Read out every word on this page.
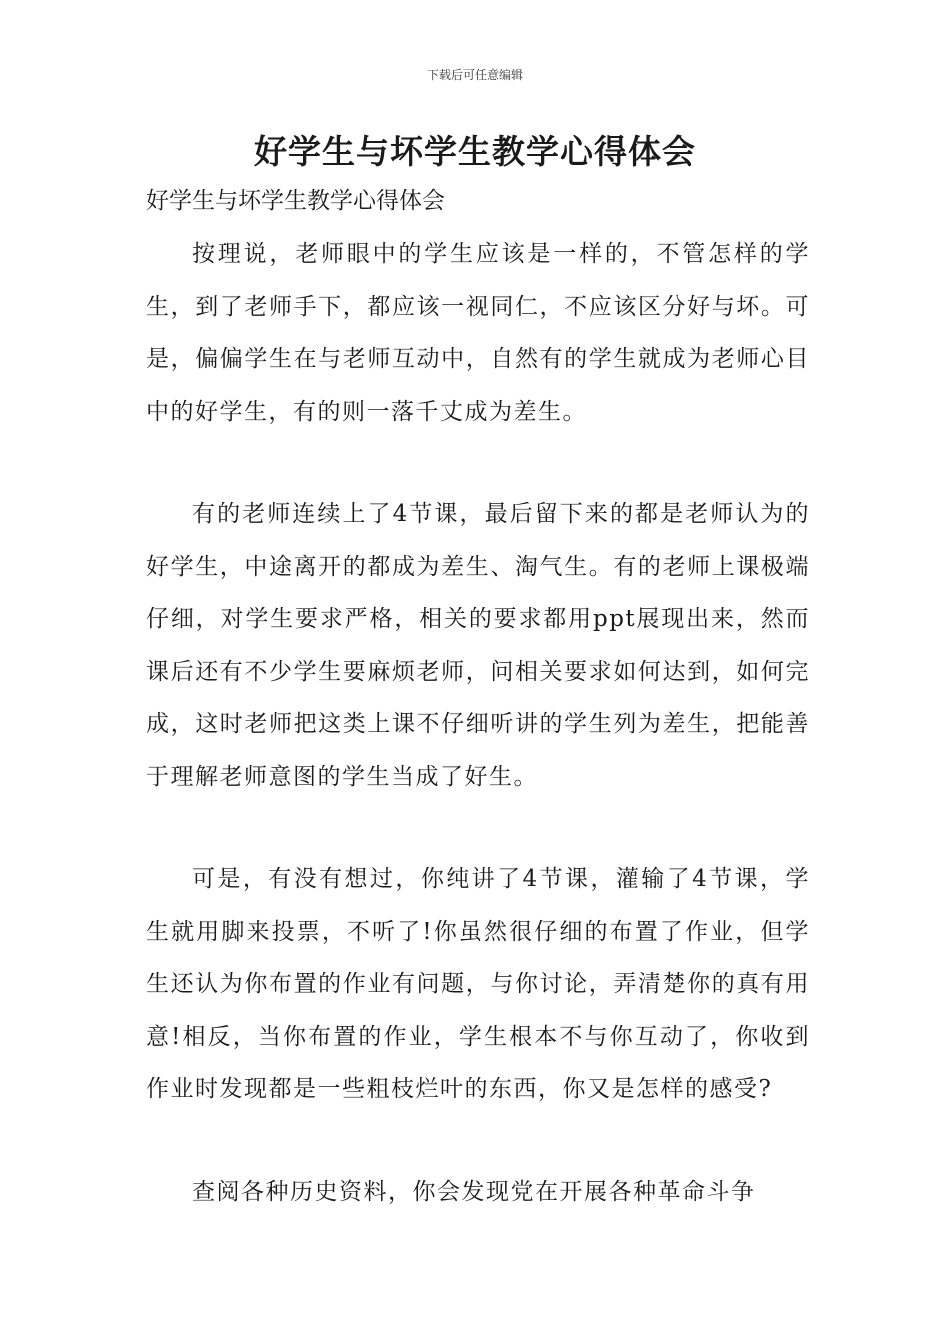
下载后可任意编辑
好学生与坏学生教学心得体会
好学生与坏学生教学心得体会

按理说，老师眼中的学生应该是一样的，不管怎样的学生，到了老师手下，都应该一视同仁，不应该区分好与坏。可是，偏偏学生在与老师互动中，自然有的学生就成为老师心目中的好学生，有的则一落千丈成为差生。

有的老师连续上了4节课，最后留下来的都是老师认为的好学生，中途离开的都成为差生、淘气生。有的老师上课极端仔细，对学生要求严格，相关的要求都用ppt展现出来，然而课后还有不少学生要麻烦老师，问相关要求如何达到，如何完成，这时老师把这类上课不仔细听讲的学生列为差生，把能善于理解老师意图的学生当成了好生。

可是，有没有想过，你纯讲了4节课，灌输了4节课，学生就用脚来投票，不听了!你虽然很仔细的布置了作业，但学生还认为你布置的作业有问题，与你讨论，弄清楚你的真有用意!相反，当你布置的作业，学生根本不与你互动了，你收到作业时发现都是一些粗枝烂叶的东西，你又是怎样的感受?

查阅各种历史资料，你会发现党在开展各种革命斗争
